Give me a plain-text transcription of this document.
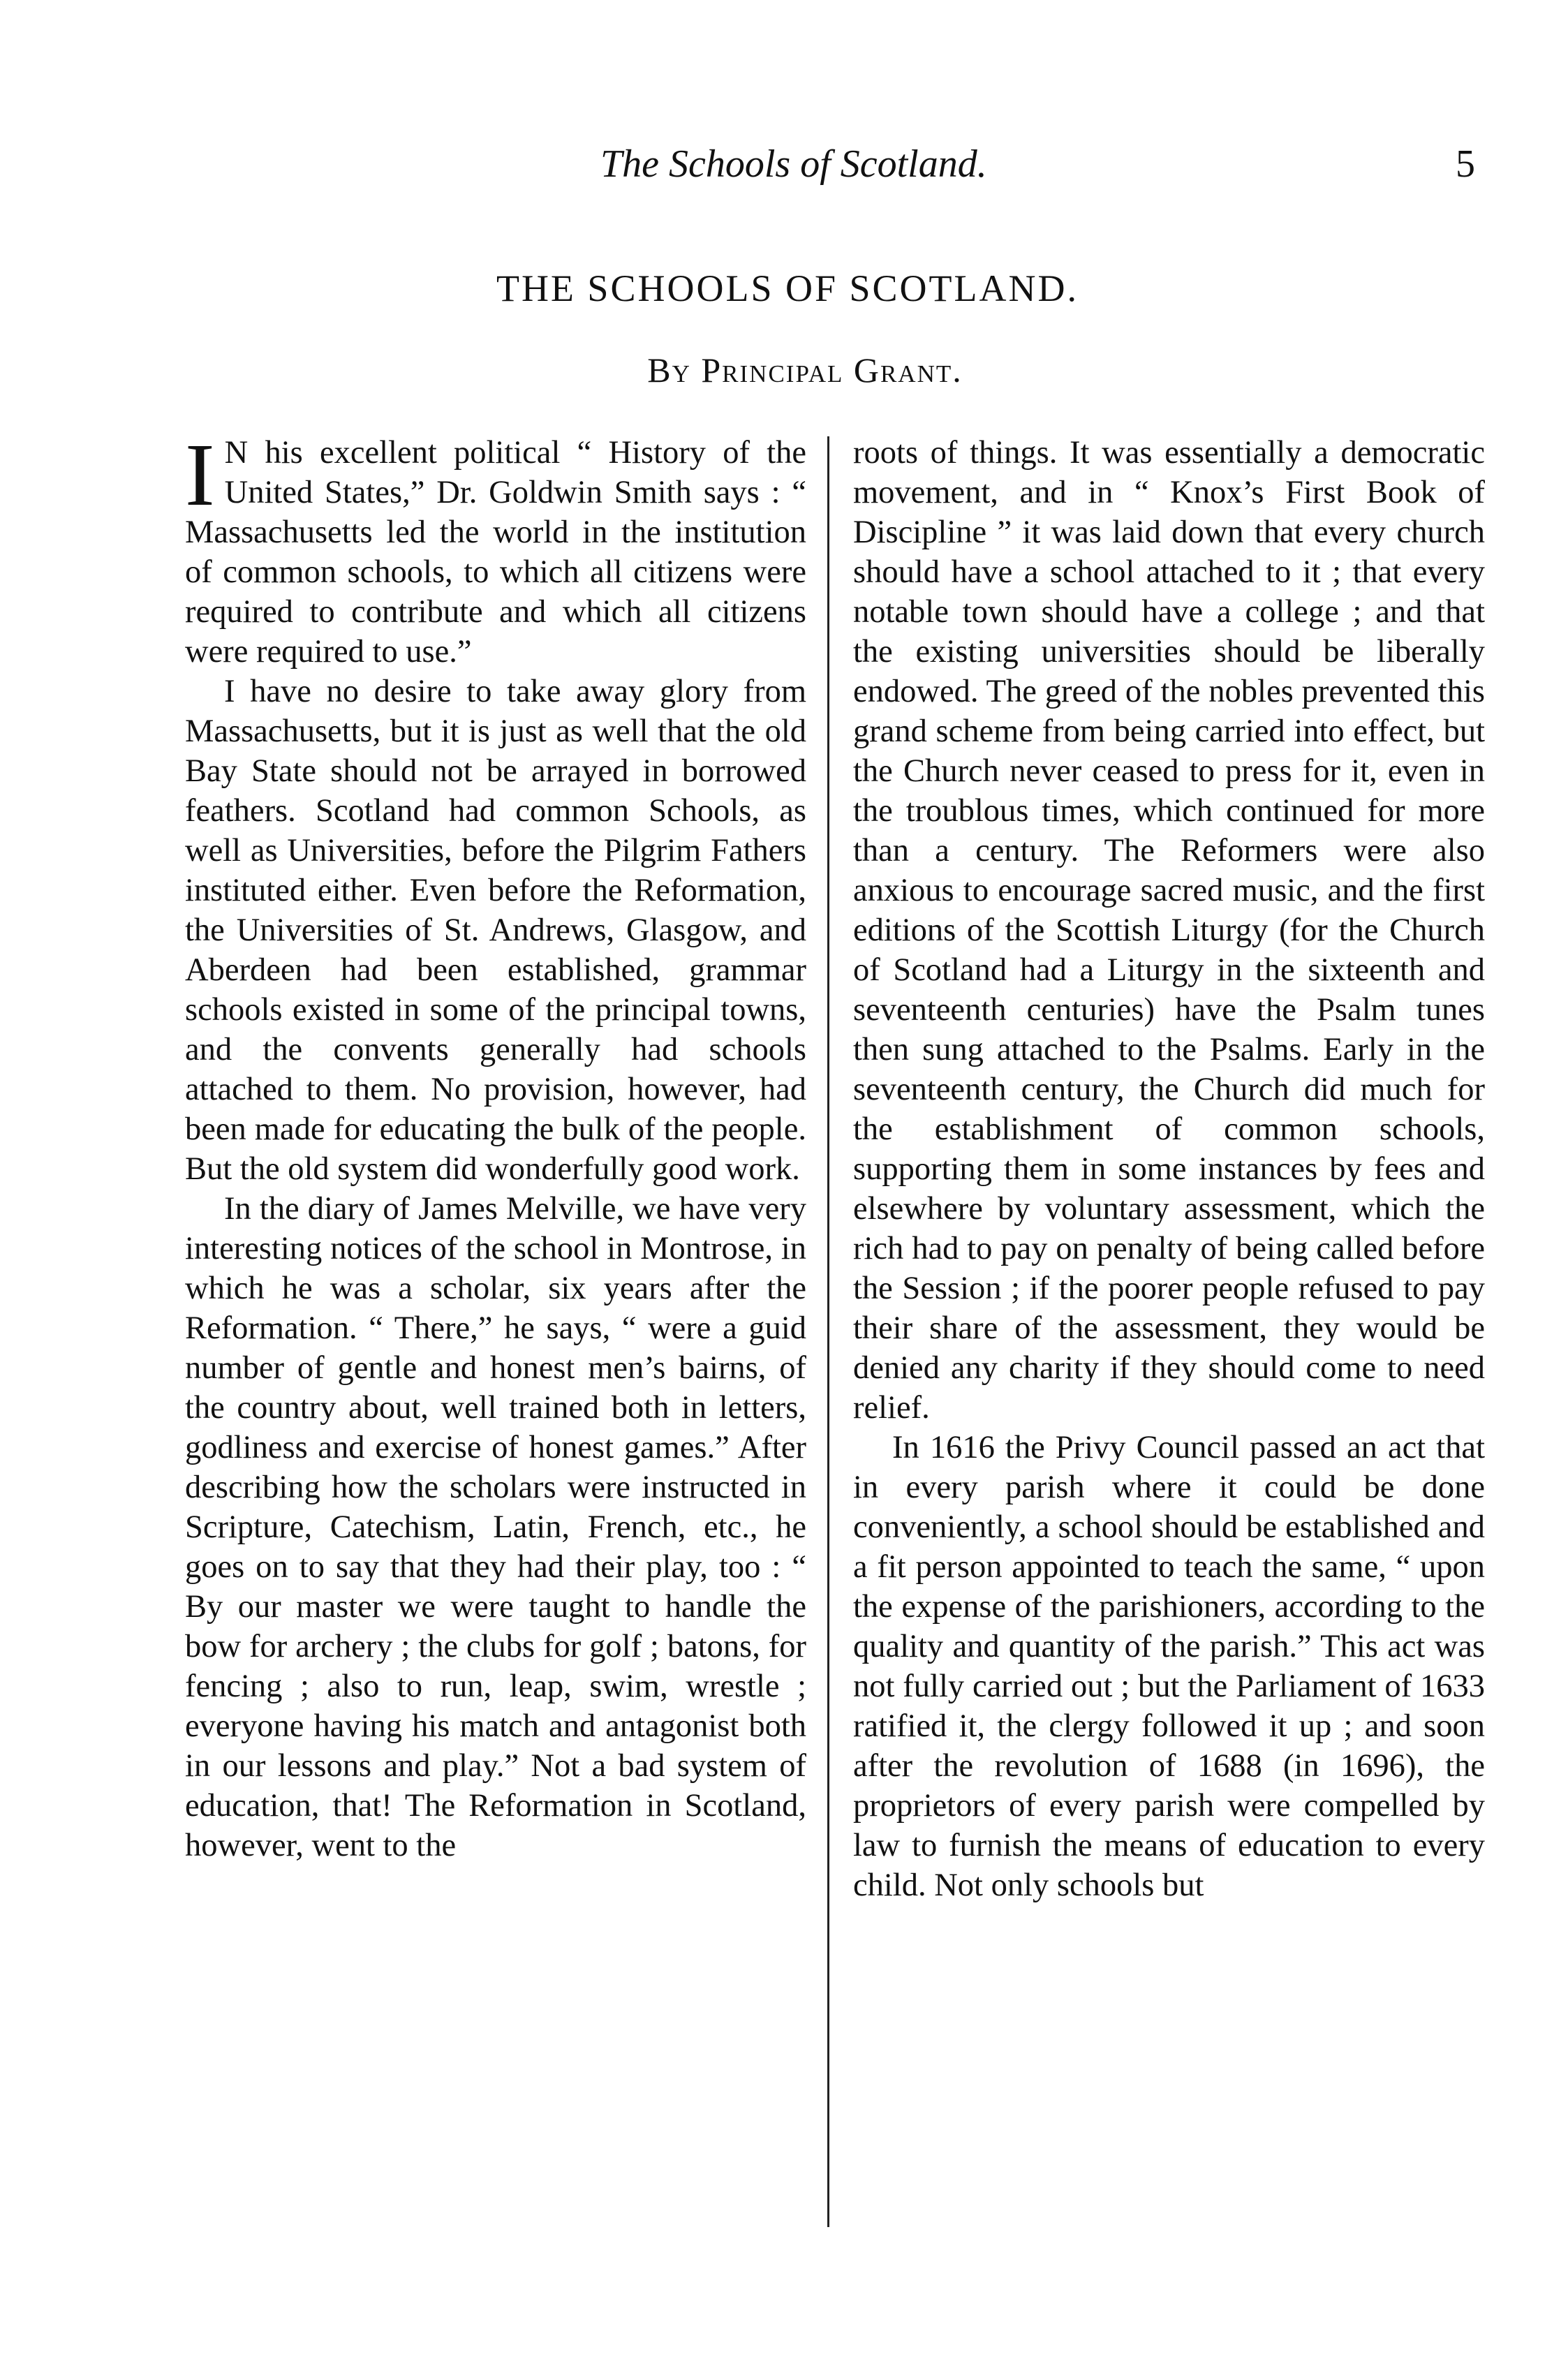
The Schools of Scotland.	5
THE SCHOOLS OF SCOTLAND.
By Principal Grant.

I N his excellent political “ History of the United States,” Dr. Goldwin Smith says : “ Massachusetts led the world in the institution of common schools, to which all citizens were required to contribute and which all citizens were required to use.”

I have no desire to take away glory from Massachusetts, but it is just as well that the old Bay State should not be arrayed in borrowed feathers. Scotland had common Schools, as well as Universities, before the Pilgrim Fathers instituted either. Even before the Reformation, the Universities of St. Andrews, Glasgow, and Aberdeen had been established, grammar schools existed in some of the principal towns, and the convents generally had schools attached to them. No provision, however, had been made for educating the bulk of the people. But the old system did wonderfully good work.

In the diary of James Melville, we have very interesting notices of the school in Montrose, in which he was a scholar, six years after the Reformation. “ There,” he says, “ were a guid number of gentle and honest men’s bairns, of the country about, well trained both in letters, godliness and exercise of honest games.” After describing how the scholars were instructed in Scripture, Catechism, Latin, French, etc., he goes on to say that they had their play, too : “ By our master we were taught to handle the bow for archery ; the clubs for golf ; batons, for fencing ; also to run, leap, swim, wrestle ; everyone having his match and antagonist both in our lessons and play.” Not a bad system of education, that! The Reformation in Scotland, however, went to the

roots of things. It was essentially a democratic movement, and in “ Knox’s First Book of Discipline ” it was laid down that every church should have a school attached to it ; that every notable town should have a college ; and that the existing universities should be liberally endowed. The greed of the nobles prevented this grand scheme from being carried into effect, but the Church never ceased to press for it, even in the troublous times, which continued for more than a century. The Reformers were also anxious to encourage sacred music, and the first editions of the Scottish Liturgy (for the Church of Scotland had a Liturgy in the sixteenth and seventeenth centuries) have the Psalm tunes then sung attached to the Psalms. Early in the seventeenth century, the Church did much for the establishment of common schools, supporting them in some instances by fees and elsewhere by voluntary assessment, which the rich had to pay on penalty of being called before the Session ; if the poorer people refused to pay their share of the assessment, they would be denied any charity if they should come to need relief.

In 1616 the Privy Council passed an act that in every parish where it could be done conveniently, a school should be established and a fit person appointed to teach the same, “ upon the expense of the parishioners, according to the quality and quantity of the parish.” This act was not fully carried out ; but the Parliament of 1633 ratified it, the clergy followed it up ; and soon after the revolution of 1688 (in 1696), the proprietors of every parish were compelled by law to furnish the means of education to every child. Not only schools but
